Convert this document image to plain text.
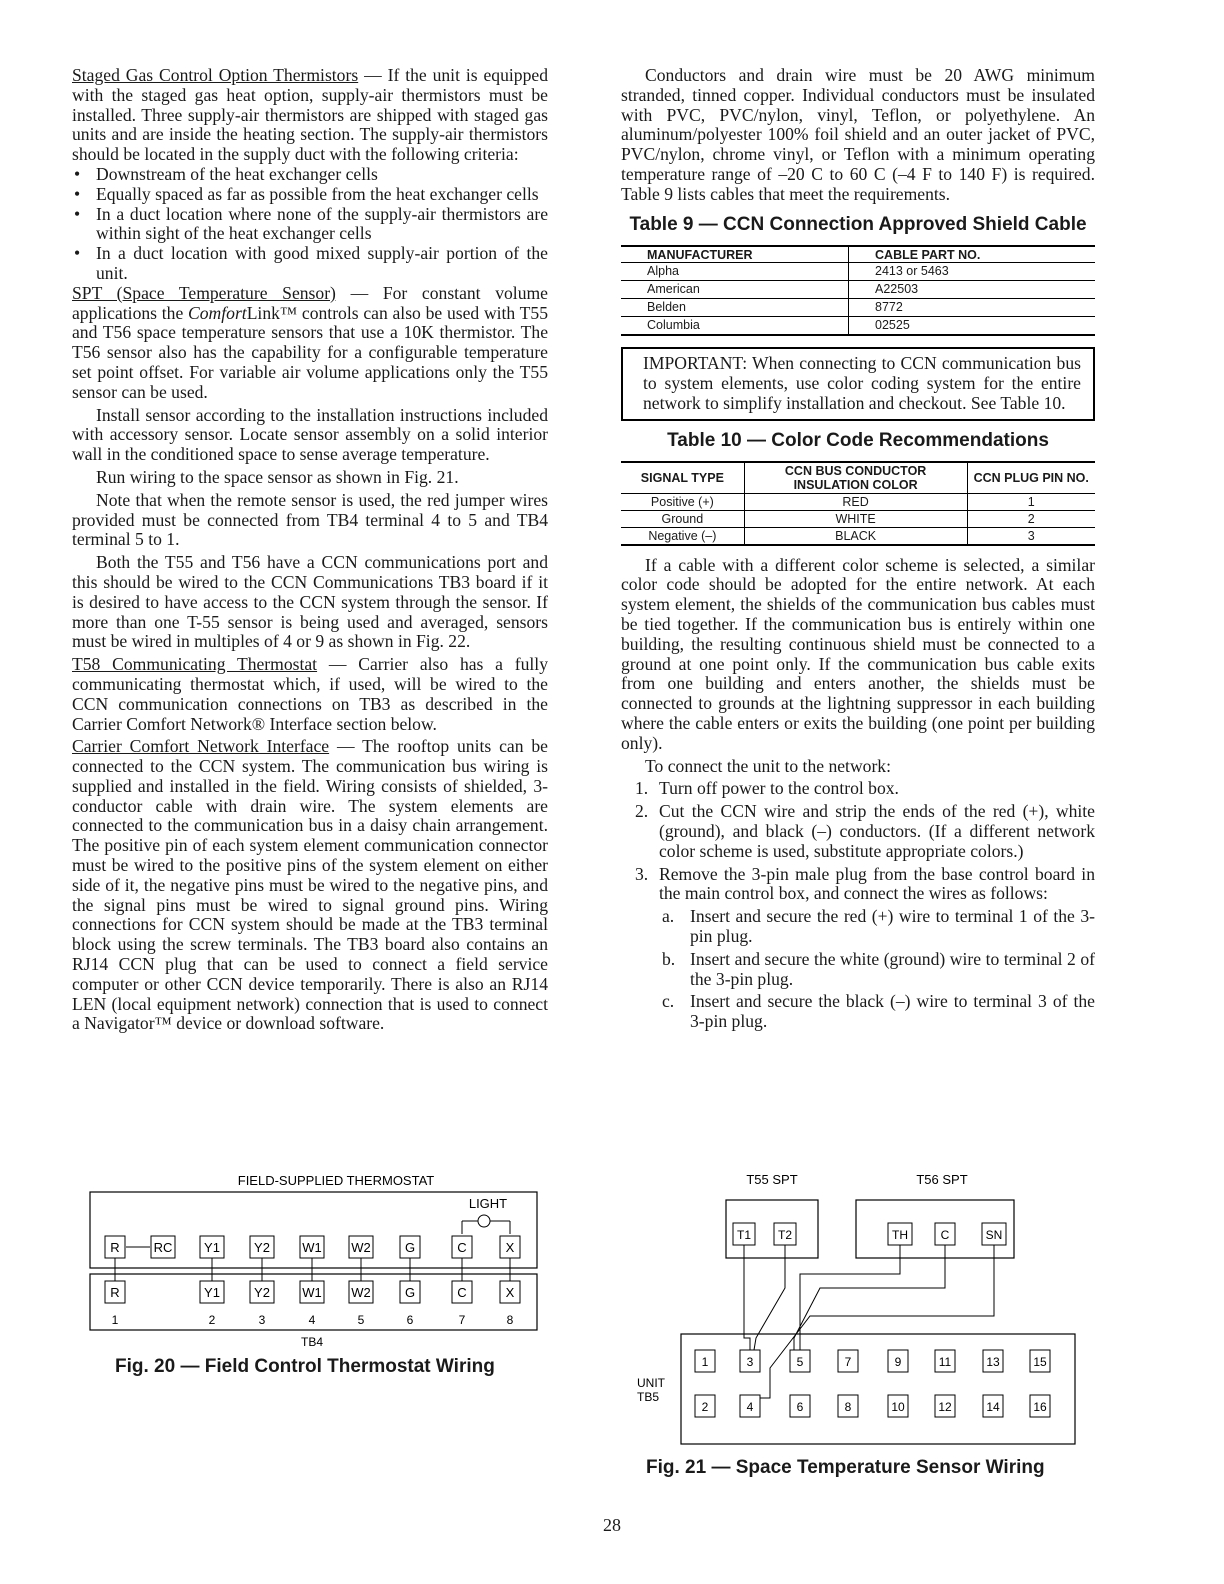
Staged Gas Control Option Thermistors — If the unit is equipped with the staged gas heat option, supply-air thermistors must be installed. Three supply-air thermistors are shipped with staged gas units and are inside the heating section. The supply-air thermistors should be located in the supply duct with the following criteria:

• Downstream of the heat exchanger cells
• Equally spaced as far as possible from the heat exchanger cells
• In a duct location where none of the supply-air thermistors are within sight of the heat exchanger cells
• In a duct location with good mixed supply-air portion of the unit.

SPT (Space Temperature Sensor) — For constant volume applications the ComfortLink™ controls can also be used with T55 and T56 space temperature sensors that use a 10K thermistor. The T56 sensor also has the capability for a configurable temperature set point offset. For variable air volume applications only the T55 sensor can be used.

Install sensor according to the installation instructions included with accessory sensor. Locate sensor assembly on a solid interior wall in the conditioned space to sense average temperature.

Run wiring to the space sensor as shown in Fig. 21.

Note that when the remote sensor is used, the red jumper wires provided must be connected from TB4 terminal 4 to 5 and TB4 terminal 5 to 1.

Both the T55 and T56 have a CCN communications port and this should be wired to the CCN Communications TB3 board if it is desired to have access to the CCN system through the sensor. If more than one T-55 sensor is being used and averaged, sensors must be wired in multiples of 4 or 9 as shown in Fig. 22.

T58 Communicating Thermostat — Carrier also has a fully communicating thermostat which, if used, will be wired to the CCN communication connections on TB3 as described in the Carrier Comfort Network® Interface section below.

Carrier Comfort Network Interface — The rooftop units can be connected to the CCN system. The communication bus wiring is supplied and installed in the field. Wiring consists of shielded, 3-conductor cable with drain wire. The system elements are connected to the communication bus in a daisy chain arrangement. The positive pin of each system element communication connector must be wired to the positive pins of the system element on either side of it, the negative pins must be wired to the negative pins, and the signal pins must be wired to signal ground pins. Wiring connections for CCN system should be made at the TB3 terminal block using the screw terminals. The TB3 board also contains an RJ14 CCN plug that can be used to connect a field service computer or other CCN device temporarily. There is also an RJ14 LEN (local equipment network) connection that is used to connect a Navigator™ device or download software.

Conductors and drain wire must be 20 AWG minimum stranded, tinned copper. Individual conductors must be insulated with PVC, PVC/nylon, vinyl, Teflon, or polyethylene. An aluminum/polyester 100% foil shield and an outer jacket of PVC, PVC/nylon, chrome vinyl, or Teflon with a minimum operating temperature range of –20 C to 60 C (–4 F to 140 F) is required. Table 9 lists cables that meet the requirements.

Table 9 — CCN Connection Approved Shield Cable
MANUFACTURER	CABLE PART NO.
Alpha	2413 or 5463
American	A22503
Belden	8772
Columbia	02525
IMPORTANT: When connecting to CCN communication bus to system elements, use color coding system for the entire network to simplify installation and checkout. See Table 10.
Table 10 — Color Code Recommendations
SIGNAL TYPE	CCN BUS CONDUCTOR INSULATION COLOR	CCN PLUG PIN NO.
Positive (+)	RED	1
Ground	WHITE	2
Negative (–)	BLACK	3

If a cable with a different color scheme is selected, a similar color code should be adopted for the entire network. At each system element, the shields of the communication bus cables must be tied together. If the communication bus is entirely within one building, the resulting continuous shield must be connected to a ground at one point only. If the communication bus cable exits from one building and enters another, the shields must be connected to grounds at the lightning suppressor in each building where the cable enters or exits the building (one point per building only).

To connect the unit to the network:

1. Turn off power to the control box.
2. Cut the CCN wire and strip the ends of the red (+), white (ground), and black (–) conductors. (If a different network color scheme is used, substitute appropriate colors.)
3. Remove the 3-pin male plug from the base control board in the main control box, and connect the wires as follows:
a. Insert and secure the red (+) wire to terminal 1 of the 3-pin plug.
b. Insert and secure the white (ground) wire to terminal 2 of the 3-pin plug.
c. Insert and secure the black (–) wire to terminal 3 of the 3-pin plug.
FIELD-SUPPLIED THERMOSTAT
LIGHT
R	RC Y1	Y2 W1 W2	G	C	X
R	Y1	Y2 W1 W2	G	C	X
1	2	3	4	5	6	7	8
TB4
Fig. 20 — Field Control Thermostat Wiring
T55 SPT	T56 SPT
T1 T2	TH	C	SN
UNIT
TB5
1	3	5	7	9	11	13	15
2	4	6	8	10	12	14	16
Fig. 21 — Space Temperature Sensor Wiring
28
